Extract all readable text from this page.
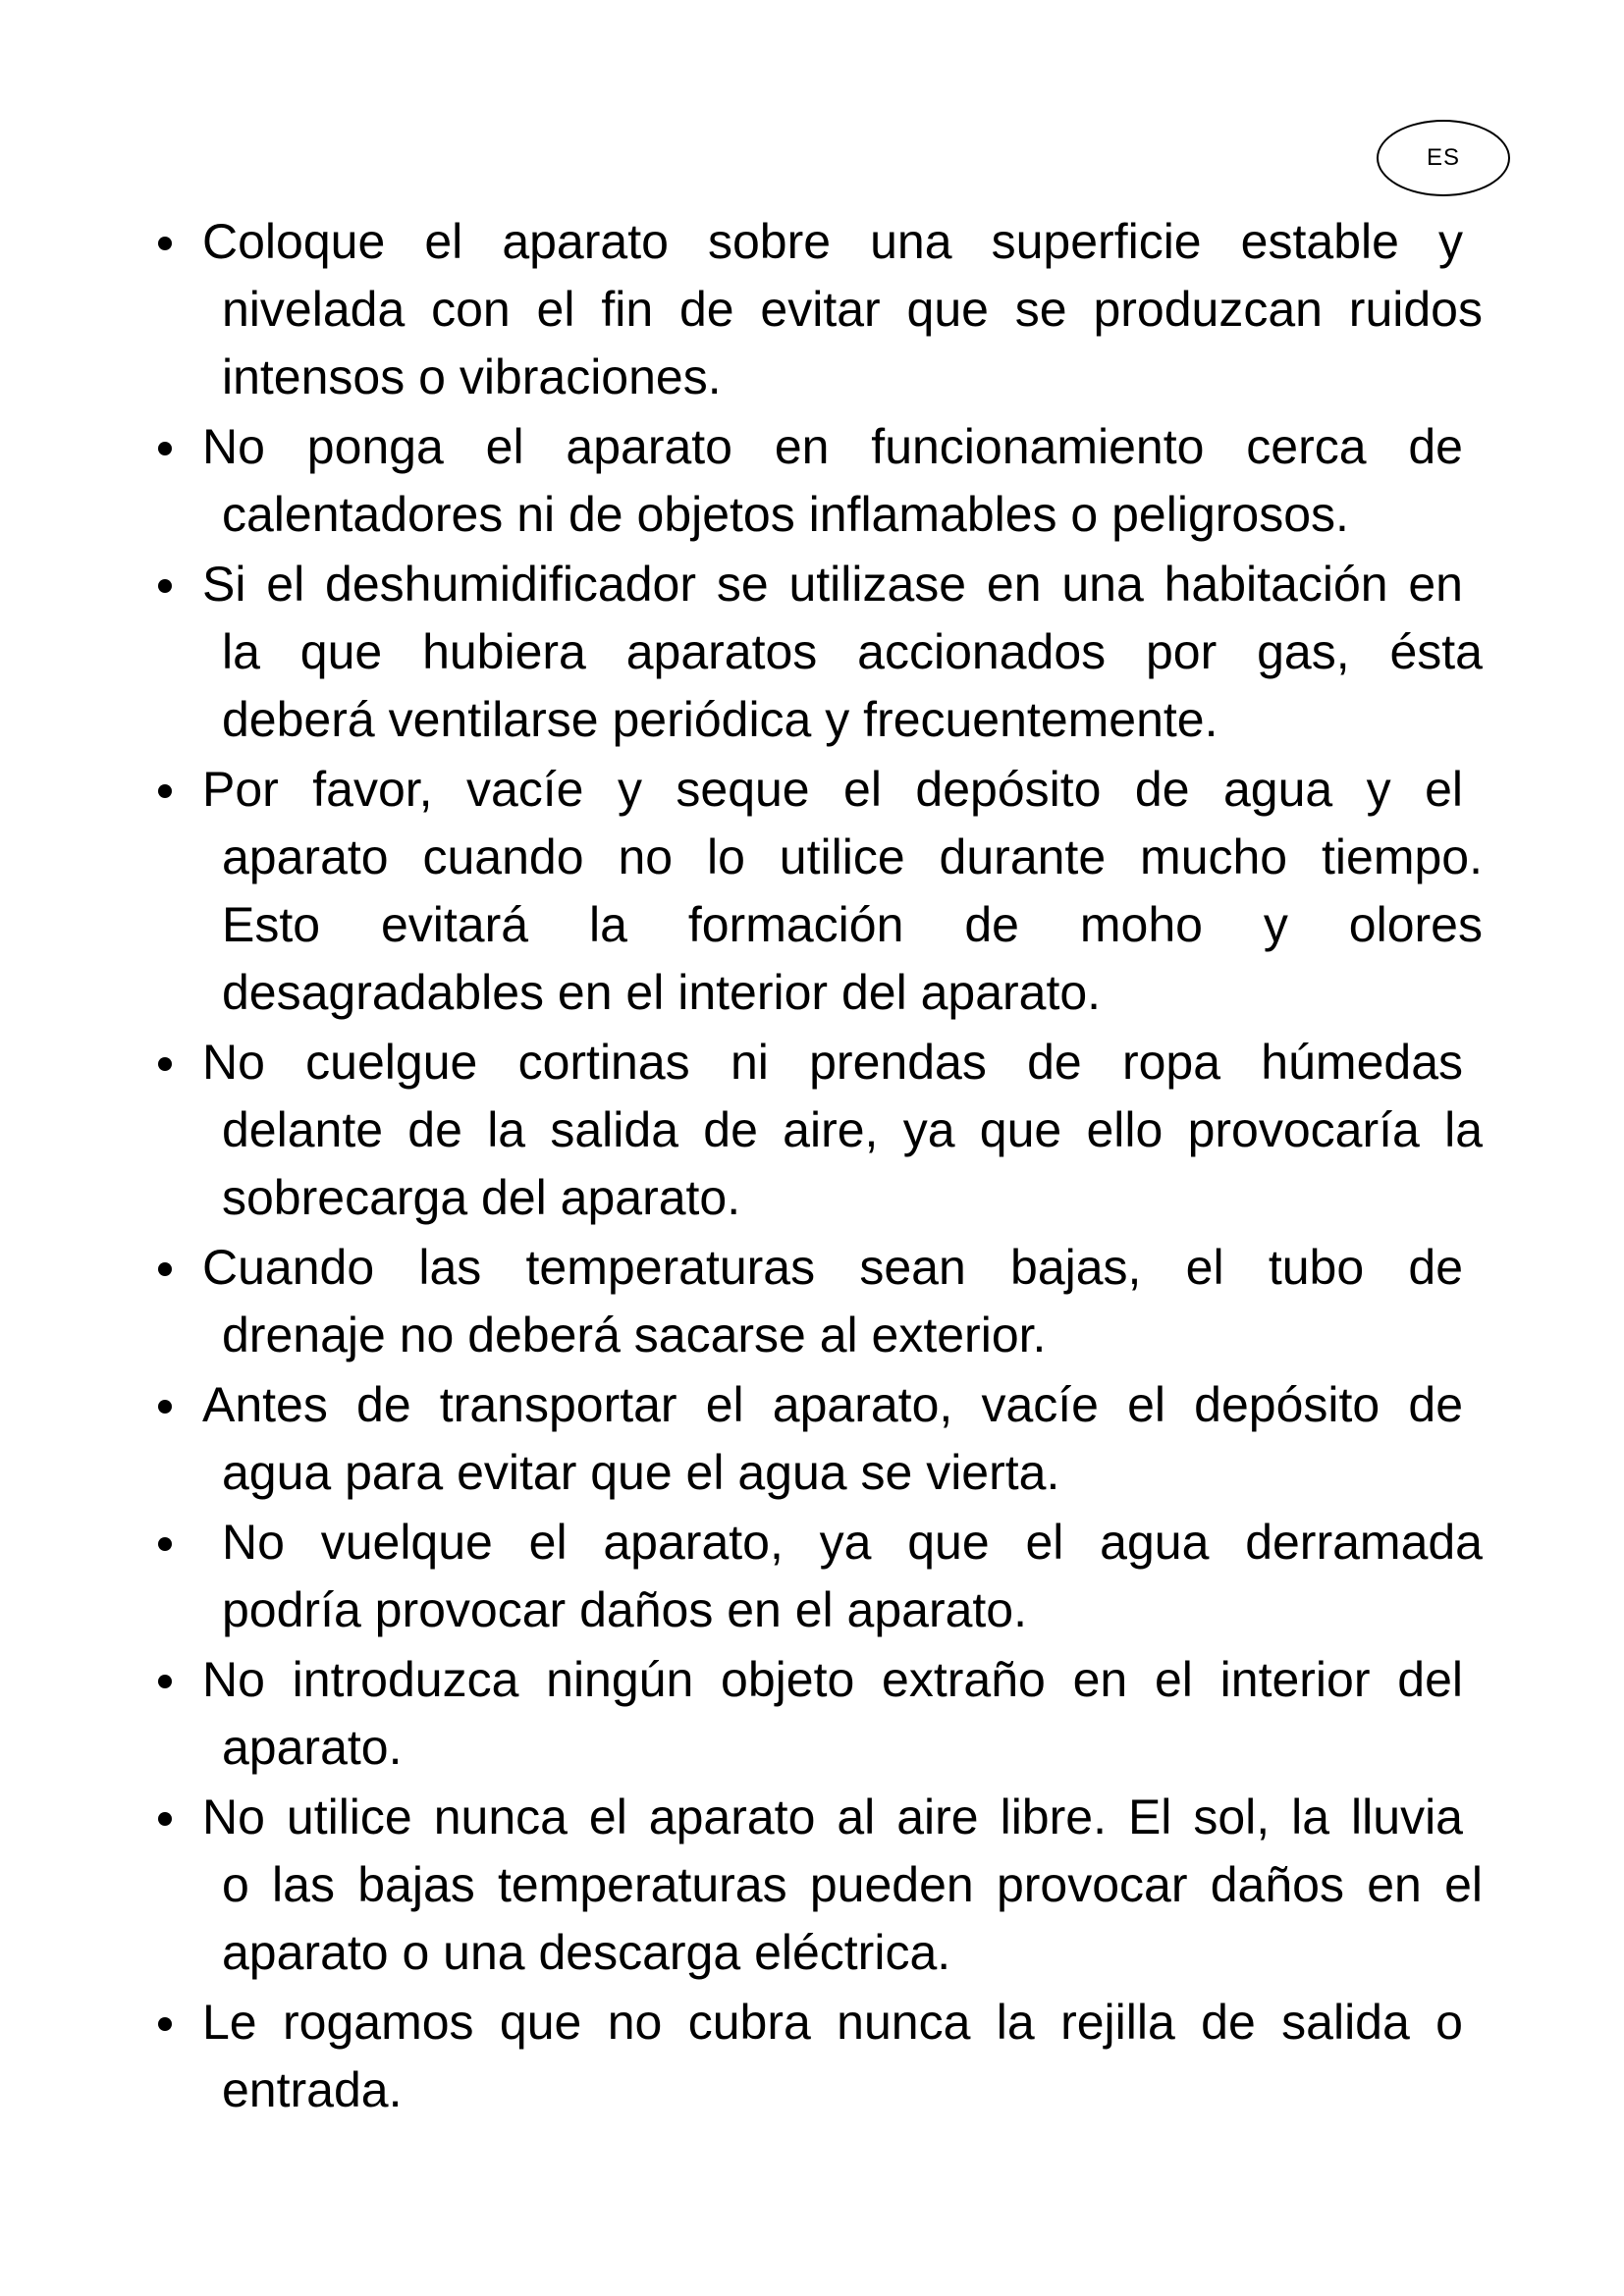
ES
Coloque el aparato sobre una superficie estable y
nivelada con el fin de evitar que se produzcan ruidos
intensos o vibraciones.
No ponga el aparato en funcionamiento cerca de
calentadores ni de objetos inflamables o peligrosos.
Si el deshumidificador se utilizase en una habitación en
la que hubiera aparatos accionados por gas, ésta
deberá ventilarse periódica y frecuentemente.
Por favor, vacíe y seque el depósito de agua y el
aparato cuando no lo utilice durante mucho tiempo.
Esto evitará la formación de moho y olores
desagradables en el interior del aparato.
No cuelgue cortinas ni prendas de ropa húmedas
delante de la salida de aire, ya que ello provocaría la
sobrecarga del aparato.
Cuando las temperaturas sean bajas, el tubo de
drenaje no deberá sacarse al exterior.
Antes de transportar el aparato, vacíe el depósito de
agua para evitar que el agua se vierta.
No vuelque el aparato, ya que el agua derramada
podría provocar daños en el aparato.
No introduzca ningún objeto extraño en el interior del
aparato.
No utilice nunca el aparato al aire libre. El sol, la lluvia
o las bajas temperaturas pueden provocar daños en el
aparato o una descarga eléctrica.
Le rogamos que no cubra nunca la rejilla de salida o
entrada.
